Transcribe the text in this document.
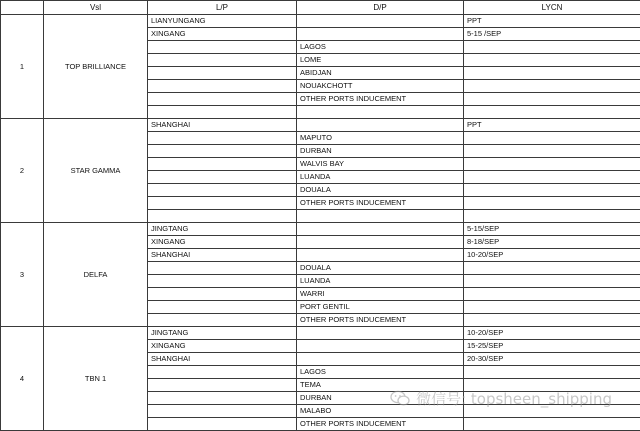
	Vsl	L/P	D/P	LYCN
1	TOP BRILLIANCE	LIANYUNGANG		PPT
		XINGANG		5-15 /SEP
			LAGOS	
			LOME	
			ABIDJAN	
			NOUAKCHOTT	
			OTHER PORTS INDUCEMENT	

2	STAR GAMMA	SHANGHAI		PPT
			MAPUTO	
			DURBAN	
			WALVIS BAY	
			LUANDA	
			DOUALA	
			OTHER PORTS INDUCEMENT	

3	DELFA	JINGTANG		5-15/SEP
		XINGANG		8-18/SEP
		SHANGHAI		10-20/SEP
			DOUALA	
			LUANDA	
			WARRI	
			PORT GENTIL	
			OTHER PORTS INDUCEMENT	
4	TBN 1	JINGTANG		10-20/SEP
		XINGANG		15-25/SEP
		SHANGHAI		20-30/SEP
			LAGOS	
			TEMA	
			DURBAN	
			MALABO	
			OTHER PORTS INDUCEMENT	
微信号: topsheen_shipping
